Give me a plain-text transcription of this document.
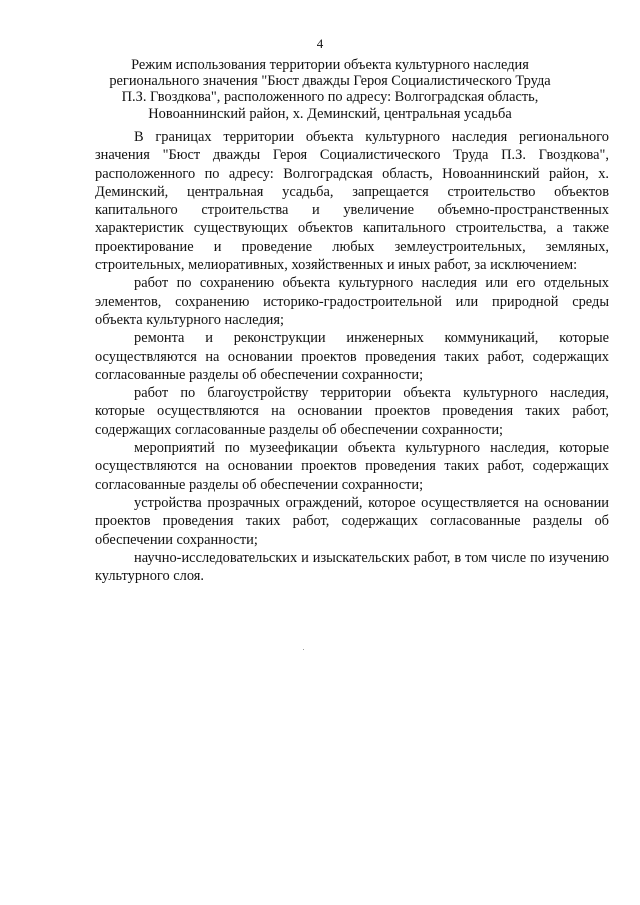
4
Режим использования территории объекта культурного наследия
регионального значения "Бюст дважды Героя Социалистического Труда
П.З. Гвоздкова", расположенного по адресу: Волгоградская область,
Новоаннинский район, х. Деминский, центральная усадьба

В границах территории объекта культурного наследия регионального значения "Бюст дважды Героя Социалистического Труда П.З. Гвоздкова", расположенного по адресу: Волгоградская область, Новоаннинский район, х. Деминский, центральная усадьба, запрещается строительство объектов капитального строительства и увеличение объемно-пространственных характеристик существующих объектов капитального строительства, а также проектирование и проведение любых землеустроительных, земляных, строительных, мелиоративных, хозяйственных и иных работ, за исключением:

работ по сохранению объекта культурного наследия или его отдельных элементов, сохранению историко-градостроительной или природной среды объекта культурного наследия;

ремонта и реконструкции инженерных коммуникаций, которые осуществляются на основании проектов проведения таких работ, содержащих согласованные разделы об обеспечении сохранности;

работ по благоустройству территории объекта культурного наследия, которые осуществляются на основании проектов проведения таких работ, содержащих согласованные разделы об обеспечении сохранности;

мероприятий по музеефикации объекта культурного наследия, которые осуществляются на основании проектов проведения таких работ, содержащих согласованные разделы об обеспечении сохранности;

устройства прозрачных ограждений, которое осуществляется на основании проектов проведения таких работ, содержащих согласованные разделы об обеспечении сохранности;

научно-исследовательских и изыскательских работ, в том числе по изучению культурного слоя.
